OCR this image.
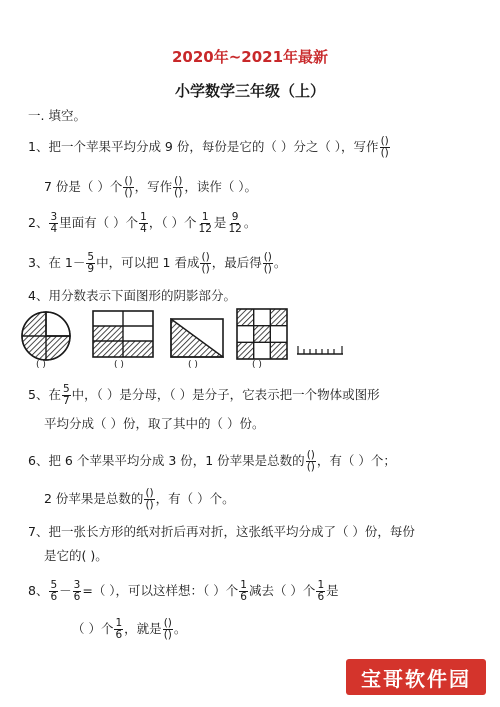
2020年~2021年最新
小学数学三年级（上）
一. 填空。
1、把一个苹果平均分成 9 份，每份是它的（ ）分之（ ），写作 $\frac{()}{()}$
7 份是（ ）个 $\frac{()}{()}$ ，写作 $\frac{()}{()}$ ，读作（ ）。
2、 $\frac{3}{4}$ 里面有（ ）个 $\frac{1}{4}$ ，（ ）个 $\frac{1}{12}$ 是 $\frac{9}{12}$ 。
3、在 $1- \frac{5}{9}$ 中，可以把 1 看成 $\frac{()}{()}$ ，最后得 $\frac{()}{()}$ 。
4、用分数表示下面图形的阴影部分。
( )	( )	( )	( )
5、在 $\frac{5}{7}$ 中，（ ）是分母，（ ）是分子，它表示把一个物体或图形
平均分成（ ）份，取了其中的（ ）份。
6、把 6 个苹果平均分成 3 份，1 份苹果是总数的 $\frac{()}{()}$ ，有（ ）个；
2 份苹果是总数的 $\frac{()}{()}$ ，有（ ）个。
7、把一张长方形的纸对折后再对折，这张纸平均分成了（ ）份，每份
是它的( )。
8、 $\frac{5}{6} - \frac{3}{6}$ =（ ），可以这样想：（ ）个 $\frac{1}{6}$ 减去（ ）个 $\frac{1}{6}$ 是
（ ）个 $\frac{1}{6}$ ，就是 $\frac{()}{()}$ 。
宝哥软件园
